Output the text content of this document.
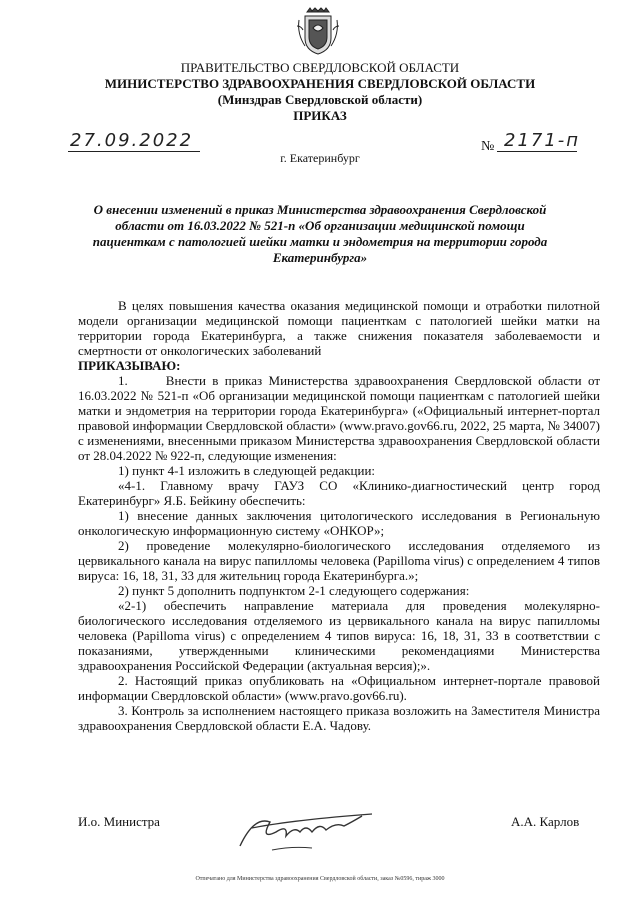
ПРАВИТЕЛЬСТВО СВЕРДЛОВСКОЙ ОБЛАСТИ
МИНИСТЕРСТВО ЗДРАВООХРАНЕНИЯ СВЕРДЛОВСКОЙ ОБЛАСТИ
(Минздрав Свердловской области)
ПРИКАЗ
27.09.2022	№ 2171-п
г. Екатеринбург
О внесении изменений в приказ Министерства здравоохранения Свердловской области от 16.03.2022 № 521-п «Об организации медицинской помощи пациенткам с патологией шейки матки и эндометрия на территории города Екатеринбурга»

В целях повышения качества оказания медицинской помощи и отработки пилотной модели организации медицинской помощи пациенткам с патологией шейки матки на территории города Екатеринбурга, а также снижения показателя заболеваемости и смертности от онкологических заболеваний

ПРИКАЗЫВАЮ:

1.      Внести в приказ Министерства здравоохранения Свердловской области от 16.03.2022 № 521-п «Об организации медицинской помощи пациенткам с патологией шейки матки и эндометрия на территории города Екатеринбурга» («Официальный интернет-портал правовой информации Свердловской области» (www.pravo.gov66.ru, 2022, 25 марта, № 34007) с изменениями, внесенными приказом Министерства здравоохранения Свердловской области от 28.04.2022 № 922-п, следующие изменения:

1) пункт 4-1 изложить в следующей редакции:

«4-1. Главному врачу ГАУЗ СО «Клинико-диагностический центр город Екатеринбург» Я.Б. Бейкину обеспечить:

1) внесение данных заключения цитологического исследования в Региональную онкологическую информационную систему «ОНКОР»;

2) проведение молекулярно-биологического исследования отделяемого из цервикального канала на вирус папилломы человека (Papilloma virus) с определением 4 типов вируса: 16, 18, 31, 33 для жительниц города Екатеринбурга.»;

2) пункт 5 дополнить подпунктом 2-1 следующего содержания:

«2-1) обеспечить направление материала для проведения молекулярно-биологического исследования отделяемого из цервикального канала на вирус папилломы человека (Papilloma virus) с определением 4 типов вируса: 16, 18, 31, 33 в соответствии с показаниями, утвержденными клиническими рекомендациями Министерства здравоохранения Российской Федерации (актуальная версия);».

2. Настоящий приказ опубликовать на «Официальном интернет-портале правовой информации Свердловской области» (www.pravo.gov66.ru).

3. Контроль за исполнением настоящего приказа возложить на Заместителя Министра здравоохранения Свердловской области Е.А. Чадову.

И.о. Министра	А.А. Карлов
Отпечатано для Министерства здравоохранения Свердловской области, заказ №0596, тираж 3000
